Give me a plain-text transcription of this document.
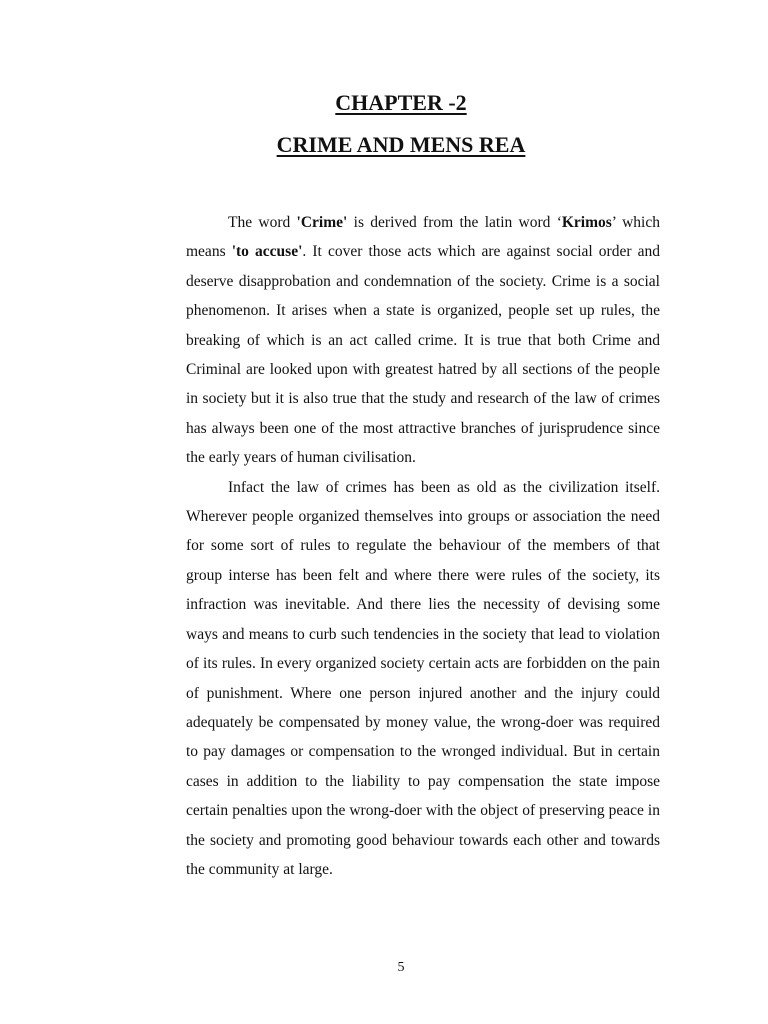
CHAPTER -2
CRIME AND MENS REA

The word 'Crime' is derived from the latin word ‘Krimos’ which means 'to accuse'. It cover those acts which are against social order and deserve disapprobation and condemnation of the society. Crime is a social phenomenon. It arises when a state is organized, people set up rules, the breaking of which is an act called crime. It is true that both Crime and Criminal are looked upon with greatest hatred by all sections of the people in society but it is also true that the study and research of the law of crimes has always been one of the most attractive branches of jurisprudence since the early years of human civilisation.

Infact the law of crimes has been as old as the civilization itself. Wherever people organized themselves into groups or association the need for some sort of rules to regulate the behaviour of the members of that group interse has been felt and where there were rules of the society, its infraction was inevitable. And there lies the necessity of devising some ways and means to curb such tendencies in the society that lead to violation of its rules. In every organized society certain acts are forbidden on the pain of punishment. Where one person injured another and the injury could adequately be compensated by money value, the wrong-doer was required to pay damages or compensation to the wronged individual. But in certain cases in addition to the liability to pay compensation the state impose certain penalties upon the wrong-doer with the object of preserving peace in the society and promoting good behaviour towards each other and towards the community at large.

5
